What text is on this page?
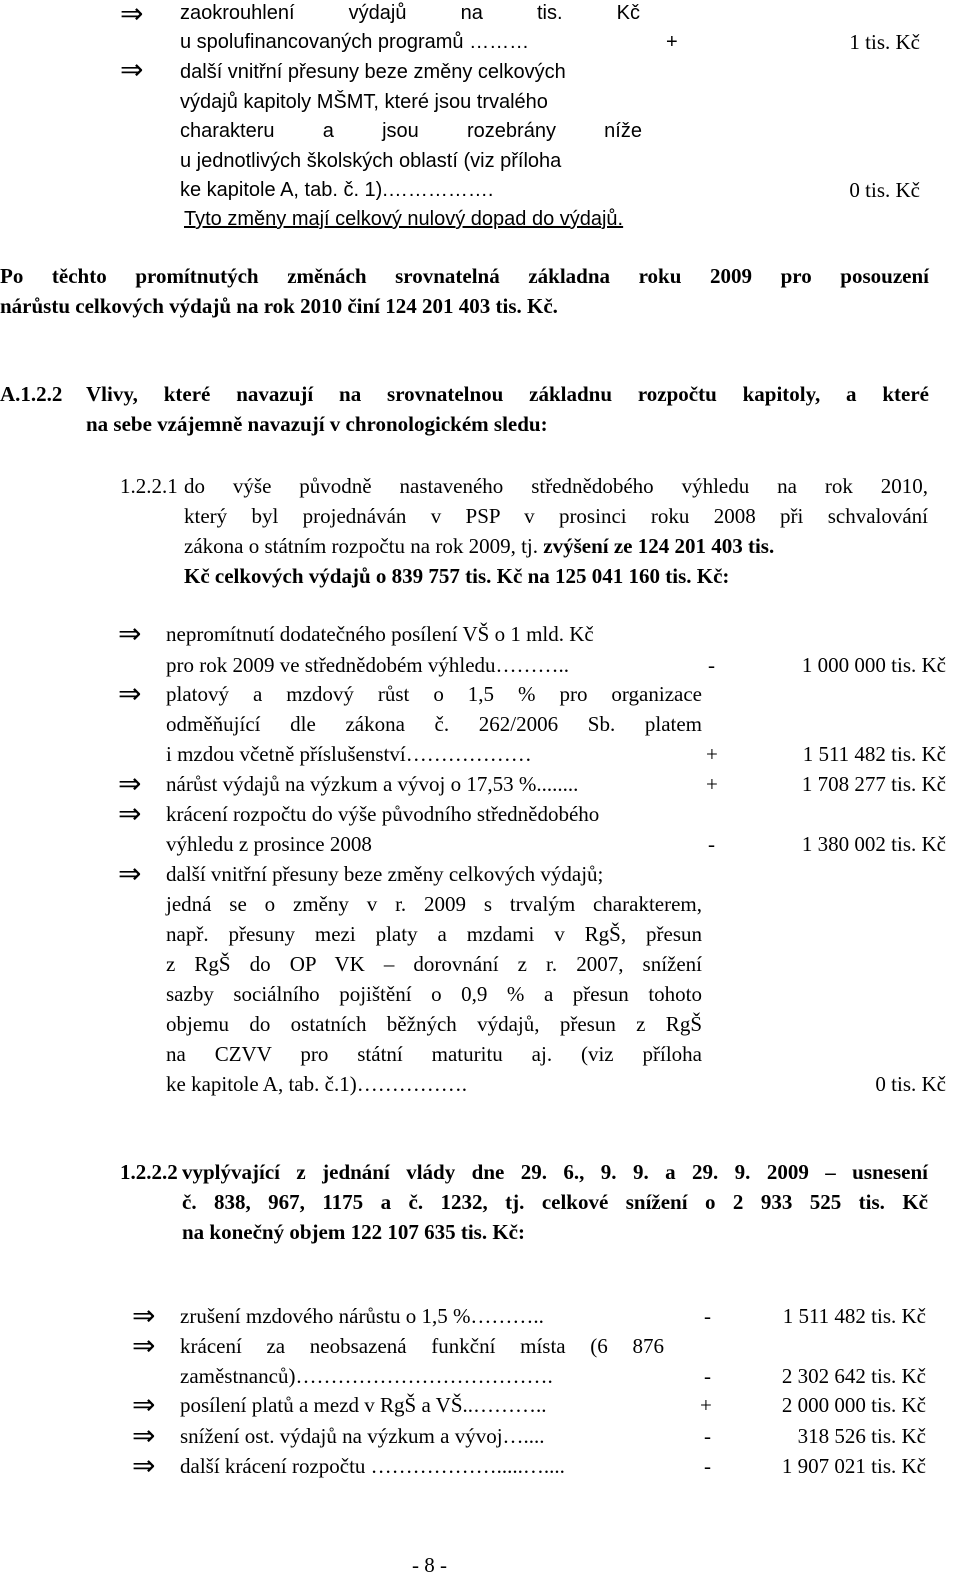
⇒ zaokrouhlení výdajů na tis. Kč
u spolufinancovaných programů ………	+	1 tis. Kč
⇒ další vnitřní přesuny beze změny celkových
výdajů kapitoly MŠMT, které jsou trvalého
charakteru a jsou rozebrány níže
u jednotlivých školských oblastí (viz příloha
ke kapitole A, tab. č. 1).…………….	0 tis. Kč
Tyto změny mají celkový nulový dopad do výdajů.
Po těchto promítnutých změnách srovnatelná základna roku 2009 pro posouzení
nárůstu celkových výdajů na rok 2010 činí 124 201 403 tis. Kč.
A.1.2.2 Vlivy, které navazují na srovnatelnou základnu rozpočtu kapitoly, a které
na sebe vzájemně navazují v chronologickém sledu:
1.2.2.1 do výše původně nastaveného střednědobého výhledu na rok 2010,
který byl projednáván v PSP v prosinci roku 2008 při schvalování
zákona o státním rozpočtu na rok 2009, tj. zvýšení ze 124 201 403 tis.
Kč celkových výdajů o 839 757 tis. Kč na 125 041 160 tis. Kč:
⇒ nepromítnutí dodatečného posílení VŠ o 1 mld. Kč
pro rok 2009 ve střednědobém výhledu………..	-	1 000 000 tis. Kč
⇒ platový a mzdový růst o 1,5 % pro organizace
odměňující dle zákona č. 262/2006 Sb. platem
i mzdou včetně příslušenství………………	+	1 511 482 tis. Kč
⇒ nárůst výdajů na výzkum a vývoj o 17,53 %........	+	1 708 277 tis. Kč
⇒ krácení rozpočtu do výše původního střednědobého
výhledu z prosince 2008	-	1 380 002 tis. Kč
⇒ další vnitřní přesuny beze změny celkových výdajů;
jedná se o změny v r. 2009 s trvalým charakterem,
např. přesuny mezi platy a mzdami v RgŠ, přesun
z RgŠ do OP VK – dorovnání z r. 2007, snížení
sazby sociálního pojištění o 0,9 % a přesun tohoto
objemu do ostatních běžných výdajů, přesun z RgŠ
na CZVV pro státní maturitu aj. (viz příloha
ke kapitole A, tab. č.1)…………….	0 tis. Kč
1.2.2.2 vyplývající z jednání vlády dne 29. 6., 9. 9. a 29. 9. 2009 – usnesení
č. 838, 967, 1175 a č. 1232, tj. celkové snížení o 2 933 525 tis. Kč
na konečný objem 122 107 635 tis. Kč:
⇒ zrušení mzdového nárůstu o 1,5 %………..	-	1 511 482 tis. Kč
⇒ krácení za neobsazená funkční místa (6 876
zaměstnanců)……………………………….	-	2 302 642 tis. Kč
⇒ posílení platů a mezd v RgŠ a VŠ..………..	+	2 000 000 tis. Kč
⇒ snížení ost. výdajů na výzkum a vývoj…....	-	318 526 tis. Kč
⇒ další krácení rozpočtu ……………….....…....	-	1 907 021 tis. Kč
- 8 -
